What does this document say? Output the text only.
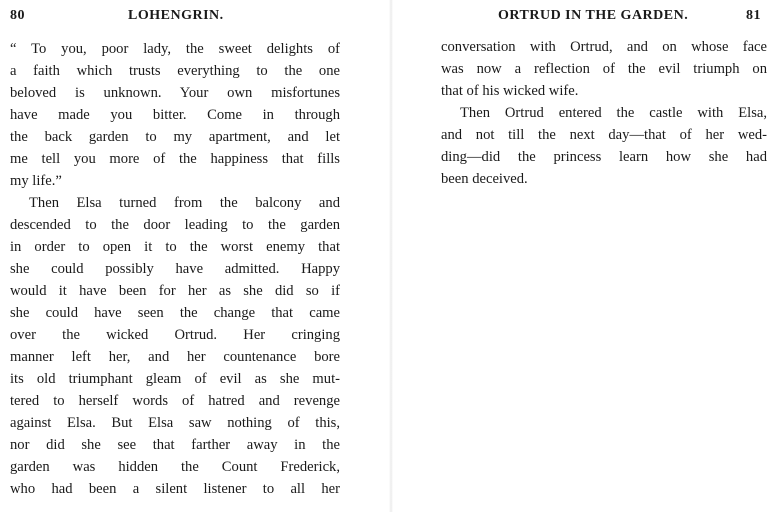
80	LOHENGRIN.
“ To you, poor lady, the sweet delights of
a faith which trusts everything to the one
beloved is unknown. Your own misfortunes
have made you bitter. Come in through
the back garden to my apartment, and let
me tell you more of the happiness that fills
my life.”
Then Elsa turned from the balcony and
descended to the door leading to the garden
in order to open it to the worst enemy that
she could possibly have admitted. Happy
would it have been for her as she did so if
she could have seen the change that came
over the wicked Ortrud. Her cringing
manner left her, and her countenance bore
its old triumphant gleam of evil as she mut-
tered to herself words of hatred and revenge
against Elsa. But Elsa saw nothing of this,
nor did she see that farther away in the
garden was hidden the Count Frederick,
who had been a silent listener to all her
ORTRUD IN THE GARDEN.	81
conversation with Ortrud, and on whose face
was now a reflection of the evil triumph on
that of his wicked wife.
Then Ortrud entered the castle with Elsa,
and not till the next day—that of her wed-
ding—did the princess learn how she had
been deceived.
